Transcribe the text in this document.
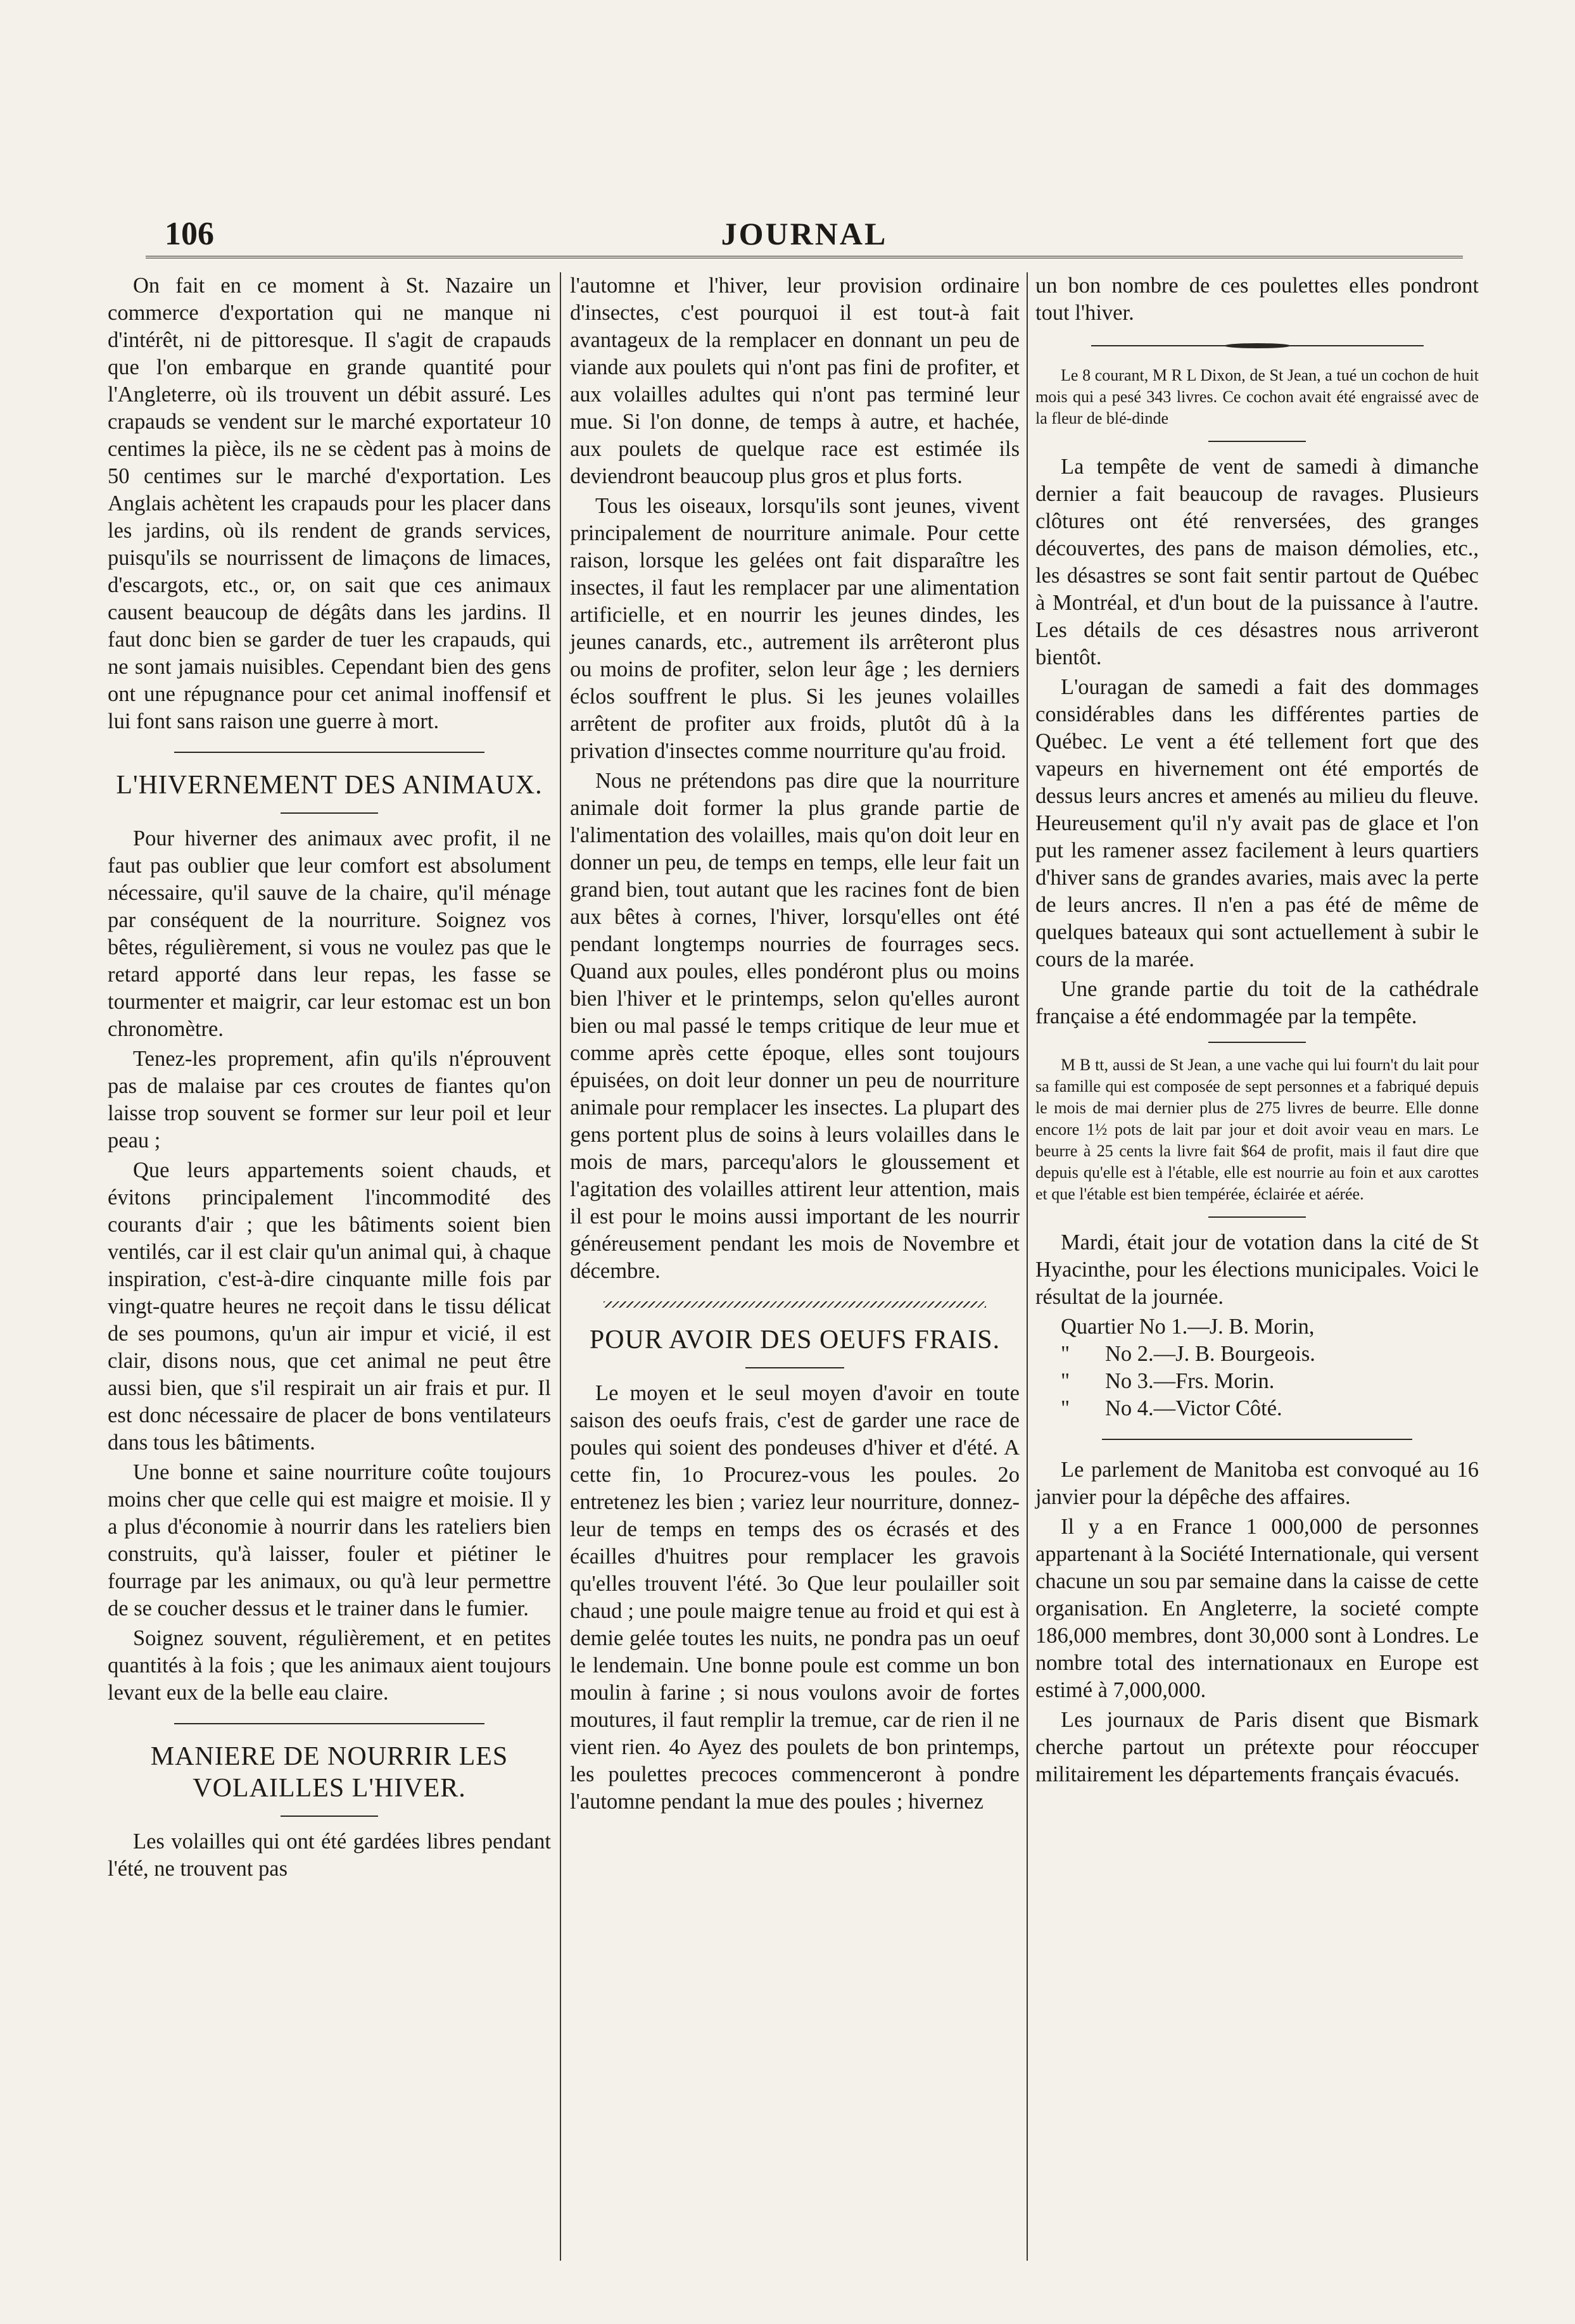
106	JOURNAL

On fait en ce moment à St. Nazaire un commerce d'exportation qui ne manque ni d'intérêt, ni de pittoresque. Il s'agit de crapauds que l'on embarque en grande quantité pour l'Angleterre, où ils trouvent un débit assuré. Les crapauds se vendent sur le marché exportateur 10 centimes la pièce, ils ne se cèdent pas à moins de 50 centimes sur le marché d'exportation. Les Anglais achètent les crapauds pour les placer dans les jardins, où ils rendent de grands services, puisqu'ils se nourrissent de limaçons de limaces, d'escargots, etc., or, on sait que ces animaux causent beaucoup de dégâts dans les jardins. Il faut donc bien se garder de tuer les crapauds, qui ne sont jamais nuisibles. Cependant bien des gens ont une répugnance pour cet animal inoffensif et lui font sans raison une guerre à mort.

L'HIVERNEMENT DES ANIMAUX.

Pour hiverner des animaux avec profit, il ne faut pas oublier que leur comfort est absolument nécessaire, qu'il sauve de la chaire, qu'il ménage par conséquent de la nourriture. Soignez vos bêtes, régulièrement, si vous ne voulez pas que le retard apporté dans leur repas, les fasse se tourmenter et maigrir, car leur estomac est un bon chronomètre.

Tenez-les proprement, afin qu'ils n'éprouvent pas de malaise par ces croutes de fiantes qu'on laisse trop souvent se former sur leur poil et leur peau ;

Que leurs appartements soient chauds, et évitons principalement l'incommodité des courants d'air ; que les bâtiments soient bien ventilés, car il est clair qu'un animal qui, à chaque inspiration, c'est-à-dire cinquante mille fois par vingt-quatre heures ne reçoit dans le tissu délicat de ses poumons, qu'un air impur et vicié, il est clair, disons nous, que cet animal ne peut être aussi bien, que s'il respirait un air frais et pur. Il est donc nécessaire de placer de bons ventilateurs dans tous les bâtiments.

Une bonne et saine nourriture coûte toujours moins cher que celle qui est maigre et moisie. Il y a plus d'économie à nourrir dans les rateliers bien construits, qu'à laisser, fouler et piétiner le fourrage par les animaux, ou qu'à leur permettre de se coucher dessus et le trainer dans le fumier.

Soignez souvent, régulièrement, et en petites quantités à la fois ; que les animaux aient toujours levant eux de la belle eau claire.

MANIERE DE NOURRIR LES VOLAILLES L'HIVER.

Les volailles qui ont été gardées libres pendant l'été, ne trouvent pas

l'automne et l'hiver, leur provision ordinaire d'insectes, c'est pourquoi il est tout-à fait avantageux de la remplacer en donnant un peu de viande aux poulets qui n'ont pas fini de profiter, et aux volailles adultes qui n'ont pas terminé leur mue. Si l'on donne, de temps à autre, et hachée, aux poulets de quelque race est estimée ils deviendront beaucoup plus gros et plus forts.

Tous les oiseaux, lorsqu'ils sont jeunes, vivent principalement de nourriture animale. Pour cette raison, lorsque les gelées ont fait disparaître les insectes, il faut les remplacer par une alimentation artificielle, et en nourrir les jeunes dindes, les jeunes canards, etc., autrement ils arrêteront plus ou moins de profiter, selon leur âge ; les derniers éclos souffrent le plus. Si les jeunes volailles arrêtent de profiter aux froids, plutôt dû à la privation d'insectes comme nourriture qu'au froid.

Nous ne prétendons pas dire que la nourriture animale doit former la plus grande partie de l'alimentation des volailles, mais qu'on doit leur en donner un peu, de temps en temps, elle leur fait un grand bien, tout autant que les racines font de bien aux bêtes à cornes, l'hiver, lorsqu'elles ont été pendant longtemps nourries de fourrages secs. Quand aux poules, elles pondéront plus ou moins bien l'hiver et le printemps, selon qu'elles auront bien ou mal passé le temps critique de leur mue et comme après cette époque, elles sont toujours épuisées, on doit leur donner un peu de nourriture animale pour remplacer les insectes. La plupart des gens portent plus de soins à leurs volailles dans le mois de mars, parcequ'alors le gloussement et l'agitation des volailles attirent leur attention, mais il est pour le moins aussi important de les nourrir généreusement pendant les mois de Novembre et décembre.

POUR AVOIR DES OEUFS FRAIS.

Le moyen et le seul moyen d'avoir en toute saison des oeufs frais, c'est de garder une race de poules qui soient des pondeuses d'hiver et d'été. A cette fin, 1o Procurez-vous les poules. 2o entretenez les bien ; variez leur nourriture, donnez-leur de temps en temps des os écrasés et des écailles d'huitres pour remplacer les gravois qu'elles trouvent l'été. 3o Que leur poulailler soit chaud ; une poule maigre tenue au froid et qui est à demie gelée toutes les nuits, ne pondra pas un oeuf le lendemain. Une bonne poule est comme un bon moulin à farine ; si nous voulons avoir de fortes moutures, il faut remplir la tremue, car de rien il ne vient rien. 4o Ayez des poulets de bon printemps, les poulettes precoces commenceront à pondre l'automne pendant la mue des poules ; hivernez

un bon nombre de ces poulettes elles pondront tout l'hiver.

Le 8 courant, M R L Dixon, de St Jean, a tué un cochon de huit mois qui a pesé 343 livres. Ce cochon avait été engraissé avec de la fleur de blé-dinde

La tempête de vent de samedi à dimanche dernier a fait beaucoup de ravages. Plusieurs clôtures ont été renversées, des granges découvertes, des pans de maison démolies, etc., les désastres se sont fait sentir partout de Québec à Montréal, et d'un bout de la puissance à l'autre. Les détails de ces désastres nous arriveront bientôt.

L'ouragan de samedi a fait des dommages considérables dans les différentes parties de Québec. Le vent a été tellement fort que des vapeurs en hivernement ont été emportés de dessus leurs ancres et amenés au milieu du fleuve. Heureusement qu'il n'y avait pas de glace et l'on put les ramener assez facilement à leurs quartiers d'hiver sans de grandes avaries, mais avec la perte de leurs ancres. Il n'en a pas été de même de quelques bateaux qui sont actuellement à subir le cours de la marée.

Une grande partie du toit de la cathédrale française a été endommagée par la tempête.

M B tt, aussi de St Jean, a une vache qui lui fourn't du lait pour sa famille qui est composée de sept personnes et a fabriqué depuis le mois de mai dernier plus de 275 livres de beurre. Elle donne encore 1½ pots de lait par jour et doit avoir veau en mars. Le beurre à 25 cents la livre fait $64 de profit, mais il faut dire que depuis qu'elle est à l'étable, elle est nourrie au foin et aux carottes et que l'étable est bien tempérée, éclairée et aérée.

Mardi, était jour de votation dans la cité de St Hyacinthe, pour les élections municipales. Voici le résultat de la journée.

Quartier No 1.—J. B. Morin,

" No 2.—J. B. Bourgeois.

" No 3.—Frs. Morin.

" No 4.—Victor Côté.

Le parlement de Manitoba est convoqué au 16 janvier pour la dépêche des affaires.

Il y a en France 1 000,000 de personnes appartenant à la Société Internationale, qui versent chacune un sou par semaine dans la caisse de cette organisation. En Angleterre, la societé compte 186,000 membres, dont 30,000 sont à Londres. Le nombre total des internationaux en Europe est estimé à 7,000,000.

Les journaux de Paris disent que Bismark cherche partout un prétexte pour réoccuper militairement les départements français évacués.
